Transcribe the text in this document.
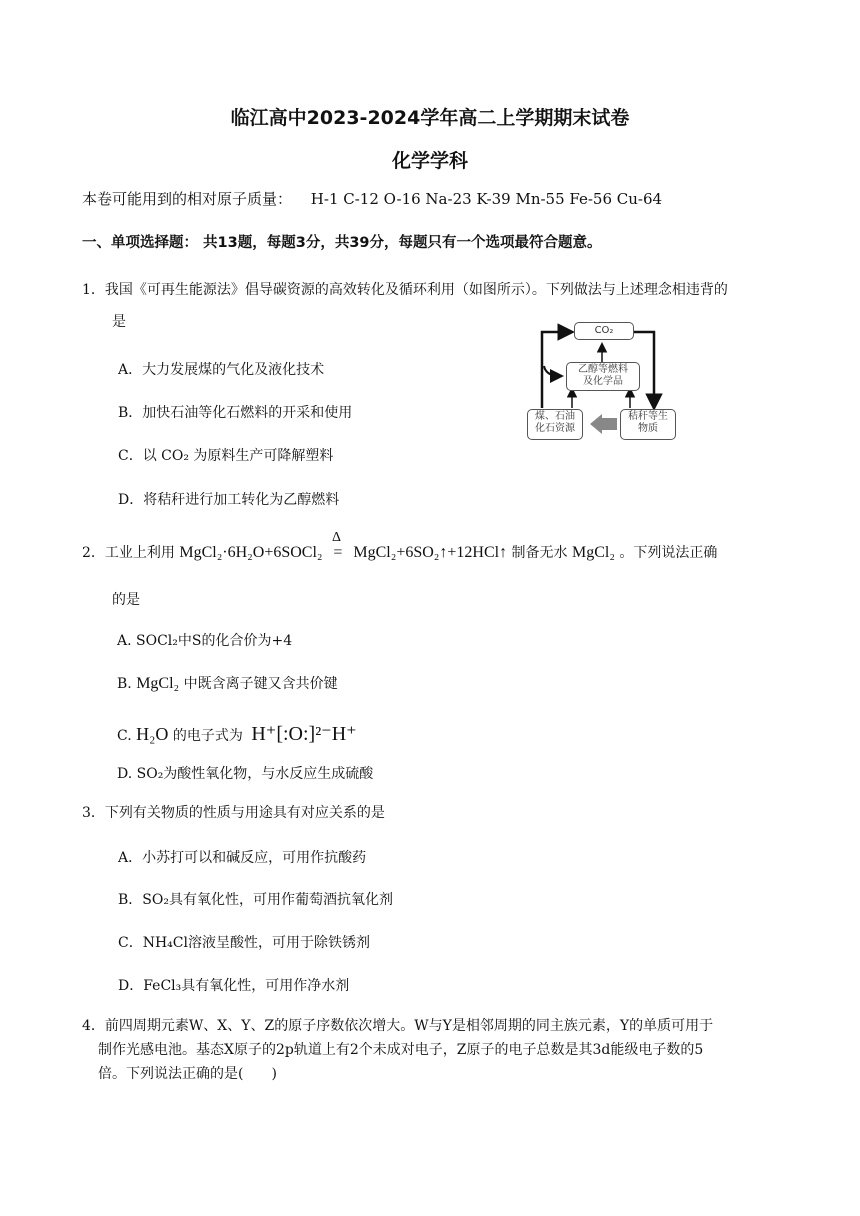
临江高中2023-2024学年高二上学期期末试卷
化学学科
本卷可能用到的相对原子质量： H-1 C-12 O-16 Na-23 K-39 Mn-55 Fe-56 Cu-64
一、单项选择题： 共13题，每题3分，共39分，每题只有一个选项最符合题意。
1．我国《可再生能源法》倡导碳资源的高效转化及循环利用（如图所示）。下列做法与上述理念相违背的
是
A．大力发展煤的气化及液化技术
B．加快石油等化石燃料的开采和使用
C．以 CO₂ 为原料生产可降解塑料
D．将秸秆进行加工转化为乙醇燃料
CO₂
乙醇等燃料
及化学品
煤、石油
化石资源
秸秆等生
物质
2．工业上利用 MgCl₂·6H₂O+6SOCl₂
Δ
= MgCl₂+6SO₂↑+12HCl↑ 制备无水 MgCl₂ 。下列说法正确
的是
A. SOCl₂中S的化合价为+4
B. MgCl₂ 中既含离子键又含共价键
C. H₂O 的电子式为 H⁺[:O:]²⁻H⁺
D. SO₂为酸性氧化物，与水反应生成硫酸
3．下列有关物质的性质与用途具有对应关系的是
A．小苏打可以和碱反应，可用作抗酸药
B．SO₂具有氧化性，可用作葡萄酒抗氧化剂
C．NH₄Cl溶液呈酸性，可用于除铁锈剂
D．FeCl₃具有氧化性，可用作净水剂
4．前四周期元素W、X、Y、Z的原子序数依次增大。W与Y是相邻周期的同主族元素，Y的单质可用于
制作光感电池。基态X原子的2p轨道上有2个未成对电子，Z原子的电子总数是其3d能级电子数的5
倍。下列说法正确的是(　　)
